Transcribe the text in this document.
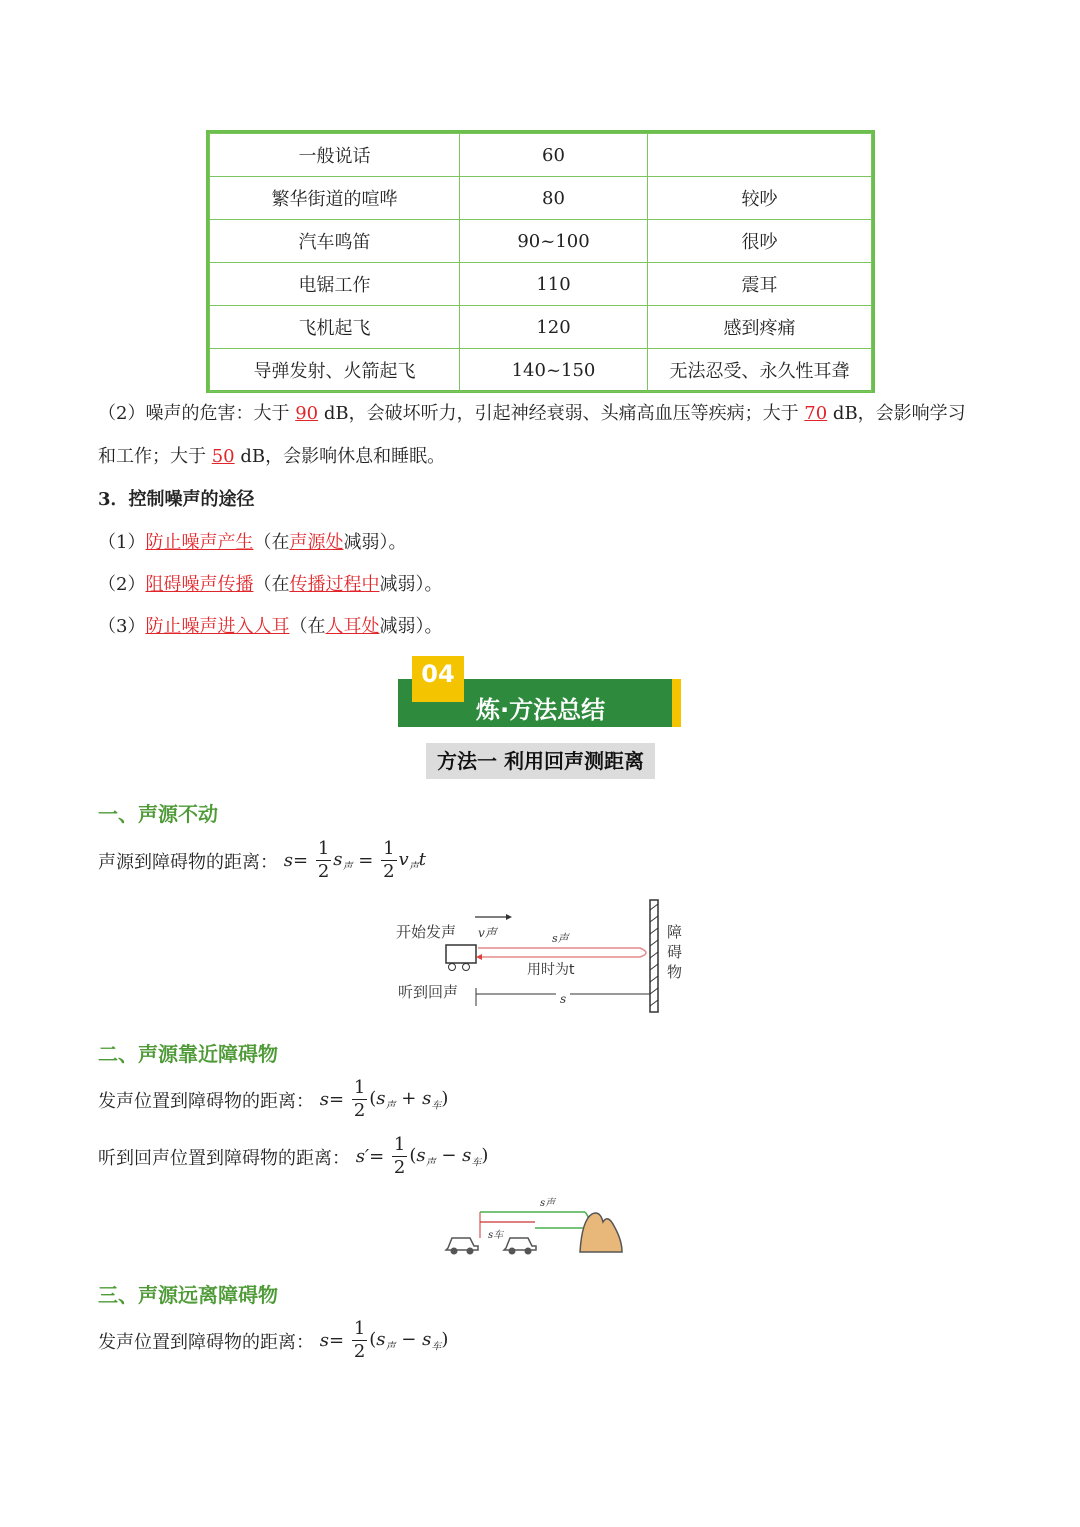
一般说话	60	
繁华街道的喧哗	80	较吵
汽车鸣笛	90~100	很吵
电锯工作	110	震耳
飞机起飞	120	感到疼痛
导弹发射、火箭起飞	140~150	无法忍受、永久性耳聋
（2）噪声的危害：大于 90 dB，会破坏听力，引起神经衰弱、头痛高血压等疾病；大于 70 dB，会影响学习
和工作；大于 50 dB，会影响休息和睡眠。
3．控制噪声的途径
（1）防止噪声产生（在声源处减弱）。
（2）阻碍噪声传播（在传播过程中减弱）。
（3）防止噪声进入人耳（在人耳处减弱）。
04
炼·方法总结
方法一 利用回声测距离
一、声源不动
声源到障碍物的距离： $s= \frac{1}{2} s_声 = \frac{1}{2} v_声t$
开始发声
听到回声
v声	s声
用时为t
s
障
碍
物
二、声源靠近障碍物
发声位置到障碍物的距离： $s= \frac{1}{2} (s_声 + s_车)$
听到回声位置到障碍物的距离： $s'= \frac{1}{2} (s_声 - s_车)$
s声
s车
三、声源远离障碍物
发声位置到障碍物的距离： $s= \frac{1}{2} (s_声 - s_车)$
